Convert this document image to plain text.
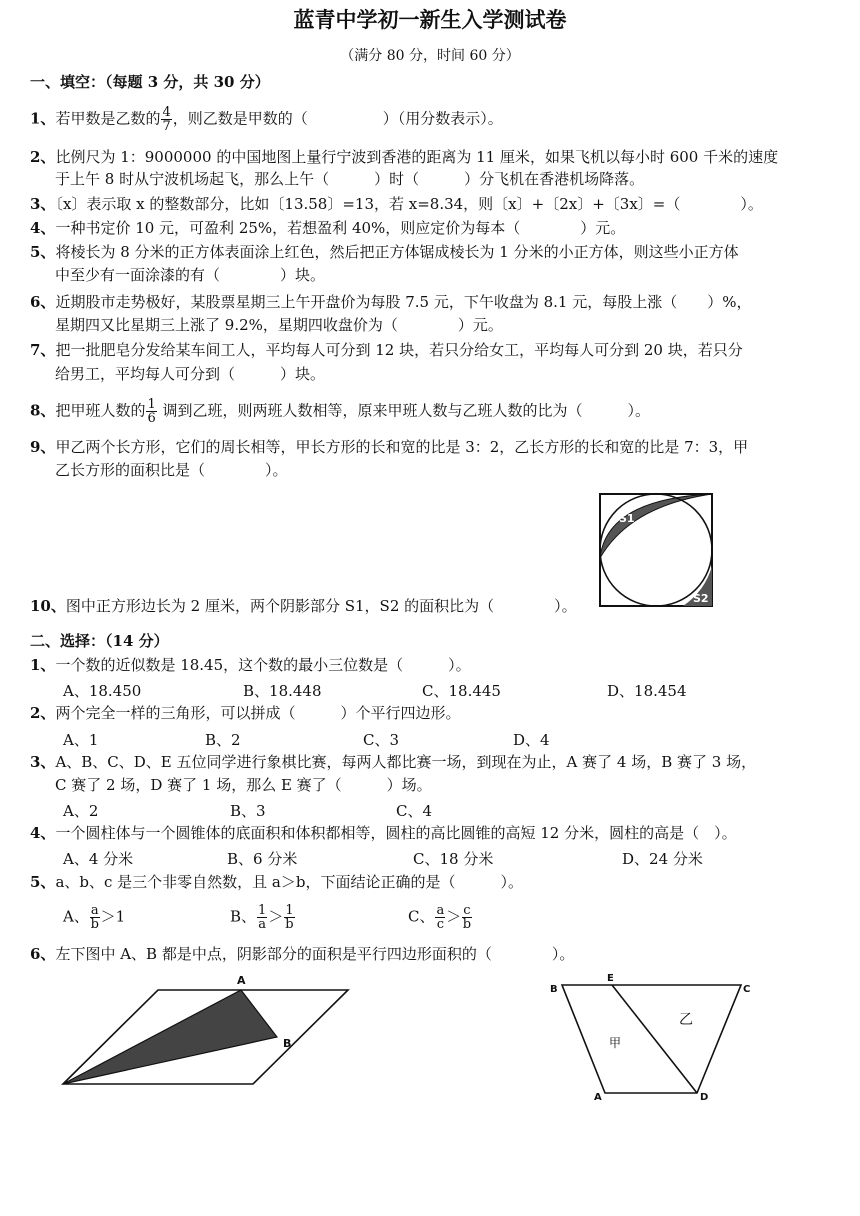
蓝青中学初一新生入学测试卷
（满分 80 分，时间 60 分）
一、填空：（每题 3 分，共 30 分）
1、若甲数是乙数的 $\frac{4}{7}$ ，则乙数是甲数的（　　　　　）（用分数表示）。
2、比例尺为 1：9000000 的中国地图上量行宁波到香港的距离为 11 厘米，如果飞机以每小时 600 千米的速度
于上午 8 时从宁波机场起飞，那么上午（　　　）时（　　　）分飞机在香港机场降落。
3、〔x〕表示取 x 的整数部分，比如〔13.58〕=13，若 x=8.34，则〔x〕+〔2x〕+〔3x〕=（　　　　）。
4、一种书定价 10 元，可盈利 25%，若想盈利 40%，则应定价为每本（　　　　）元。
5、将棱长为 8 分米的正方体表面涂上红色，然后把正方体锯成棱长为 1 分米的小正方体，则这些小正方体
中至少有一面涂漆的有（　　　　）块。
6、近期股市走势极好，某股票星期三上午开盘价为每股 7.5 元，下午收盘为 8.1 元，每股上涨（　　）%，
星期四又比星期三上涨了 9.2%，星期四收盘价为（　　　　）元。
7、把一批肥皂分发给某车间工人，平均每人可分到 12 块，若只分给女工，平均每人可分到 20 块，若只分
给男工，平均每人可分到（　　　）块。
8、把甲班人数的 $\frac{1}{6}$ 调到乙班，则两班人数相等，原来甲班人数与乙班人数的比为（　　　）。
9、甲乙两个长方形，它们的周长相等，甲长方形的长和宽的比是 3：2，乙长方形的长和宽的比是 7：3，甲
乙长方形的面积比是（　　　　）。
S1
S2
10、图中正方形边长为 2 厘米，两个阴影部分 S1，S2 的面积比为（　　　　）。
二、选择：（14 分）
1、一个数的近似数是 18.45，这个数的最小三位数是（　　　）。
A、18.450	B、18.448	C、18.445	D、18.454
2、两个完全一样的三角形，可以拼成（　　　）个平行四边形。
A、1	B、2	C、3	D、4
3、A、B、C、D、E 五位同学进行象棋比赛，每两人都比赛一场，到现在为止，A 赛了 4 场，B 赛了 3 场，
C 赛了 2 场，D 赛了 1 场，那么 E 赛了（　　　）场。
A、2	B、3	C、4
4、一个圆柱体与一个圆锥体的底面积和体积都相等，圆柱的高比圆锥的高短 12 分米，圆柱的高是（　）。
A、4 分米	B、6 分米	C、18 分米	D、24 分米
5、a、b、c 是三个非零自然数，且 a＞b，下面结论正确的是（　　　）。
A、 $\frac{a}{b} >1$	B、 $\frac{1}{a} > \frac{1}{b}$	C、 $\frac{a}{c} > \frac{c}{b}$
6、左下图中 A、B 都是中点，阴影部分的面积是平行四边形面积的（　　　　）。
A
B
B
E
C
A	D
甲
乙
